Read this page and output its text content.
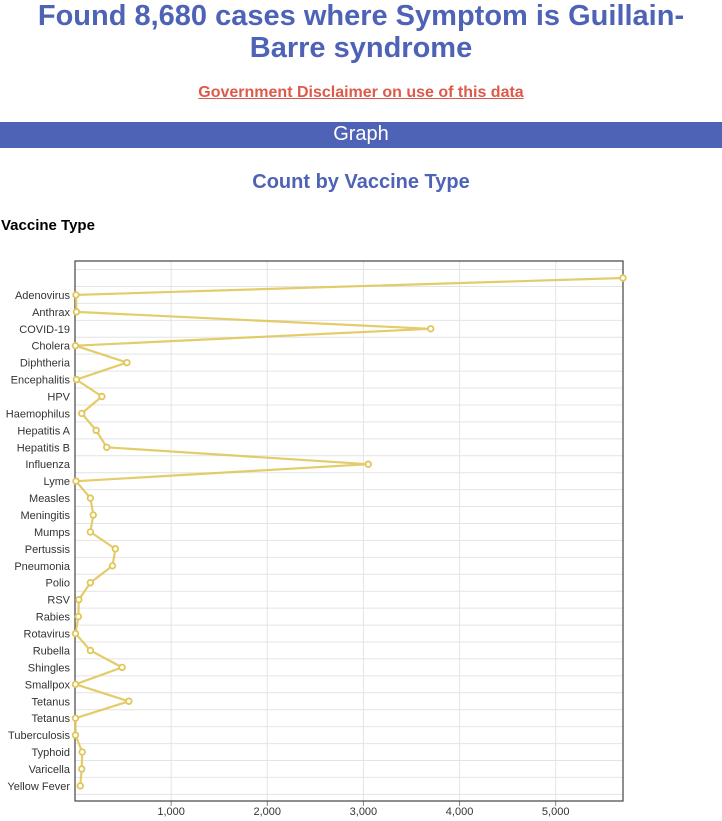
Found 8,680 cases where Symptom is Guillain-Barre syndrome
Government Disclaimer on use of this data
Graph
Count by Vaccine Type
Vaccine Type
1,000	2,000	3,000	4,000	5,000
Adenovirus
Anthrax
COVID-19
Cholera
Diphtheria
Encephalitis
HPV
Haemophilus
Hepatitis A
Hepatitis B
Influenza
Lyme
Measles
Meningitis
Mumps
Pertussis
Pneumonia
Polio
RSV
Rabies
Rotavirus
Rubella
Shingles
Smallpox
Tetanus
Tetanus
Tuberculosis
Typhoid
Varicella
Yellow Fever
